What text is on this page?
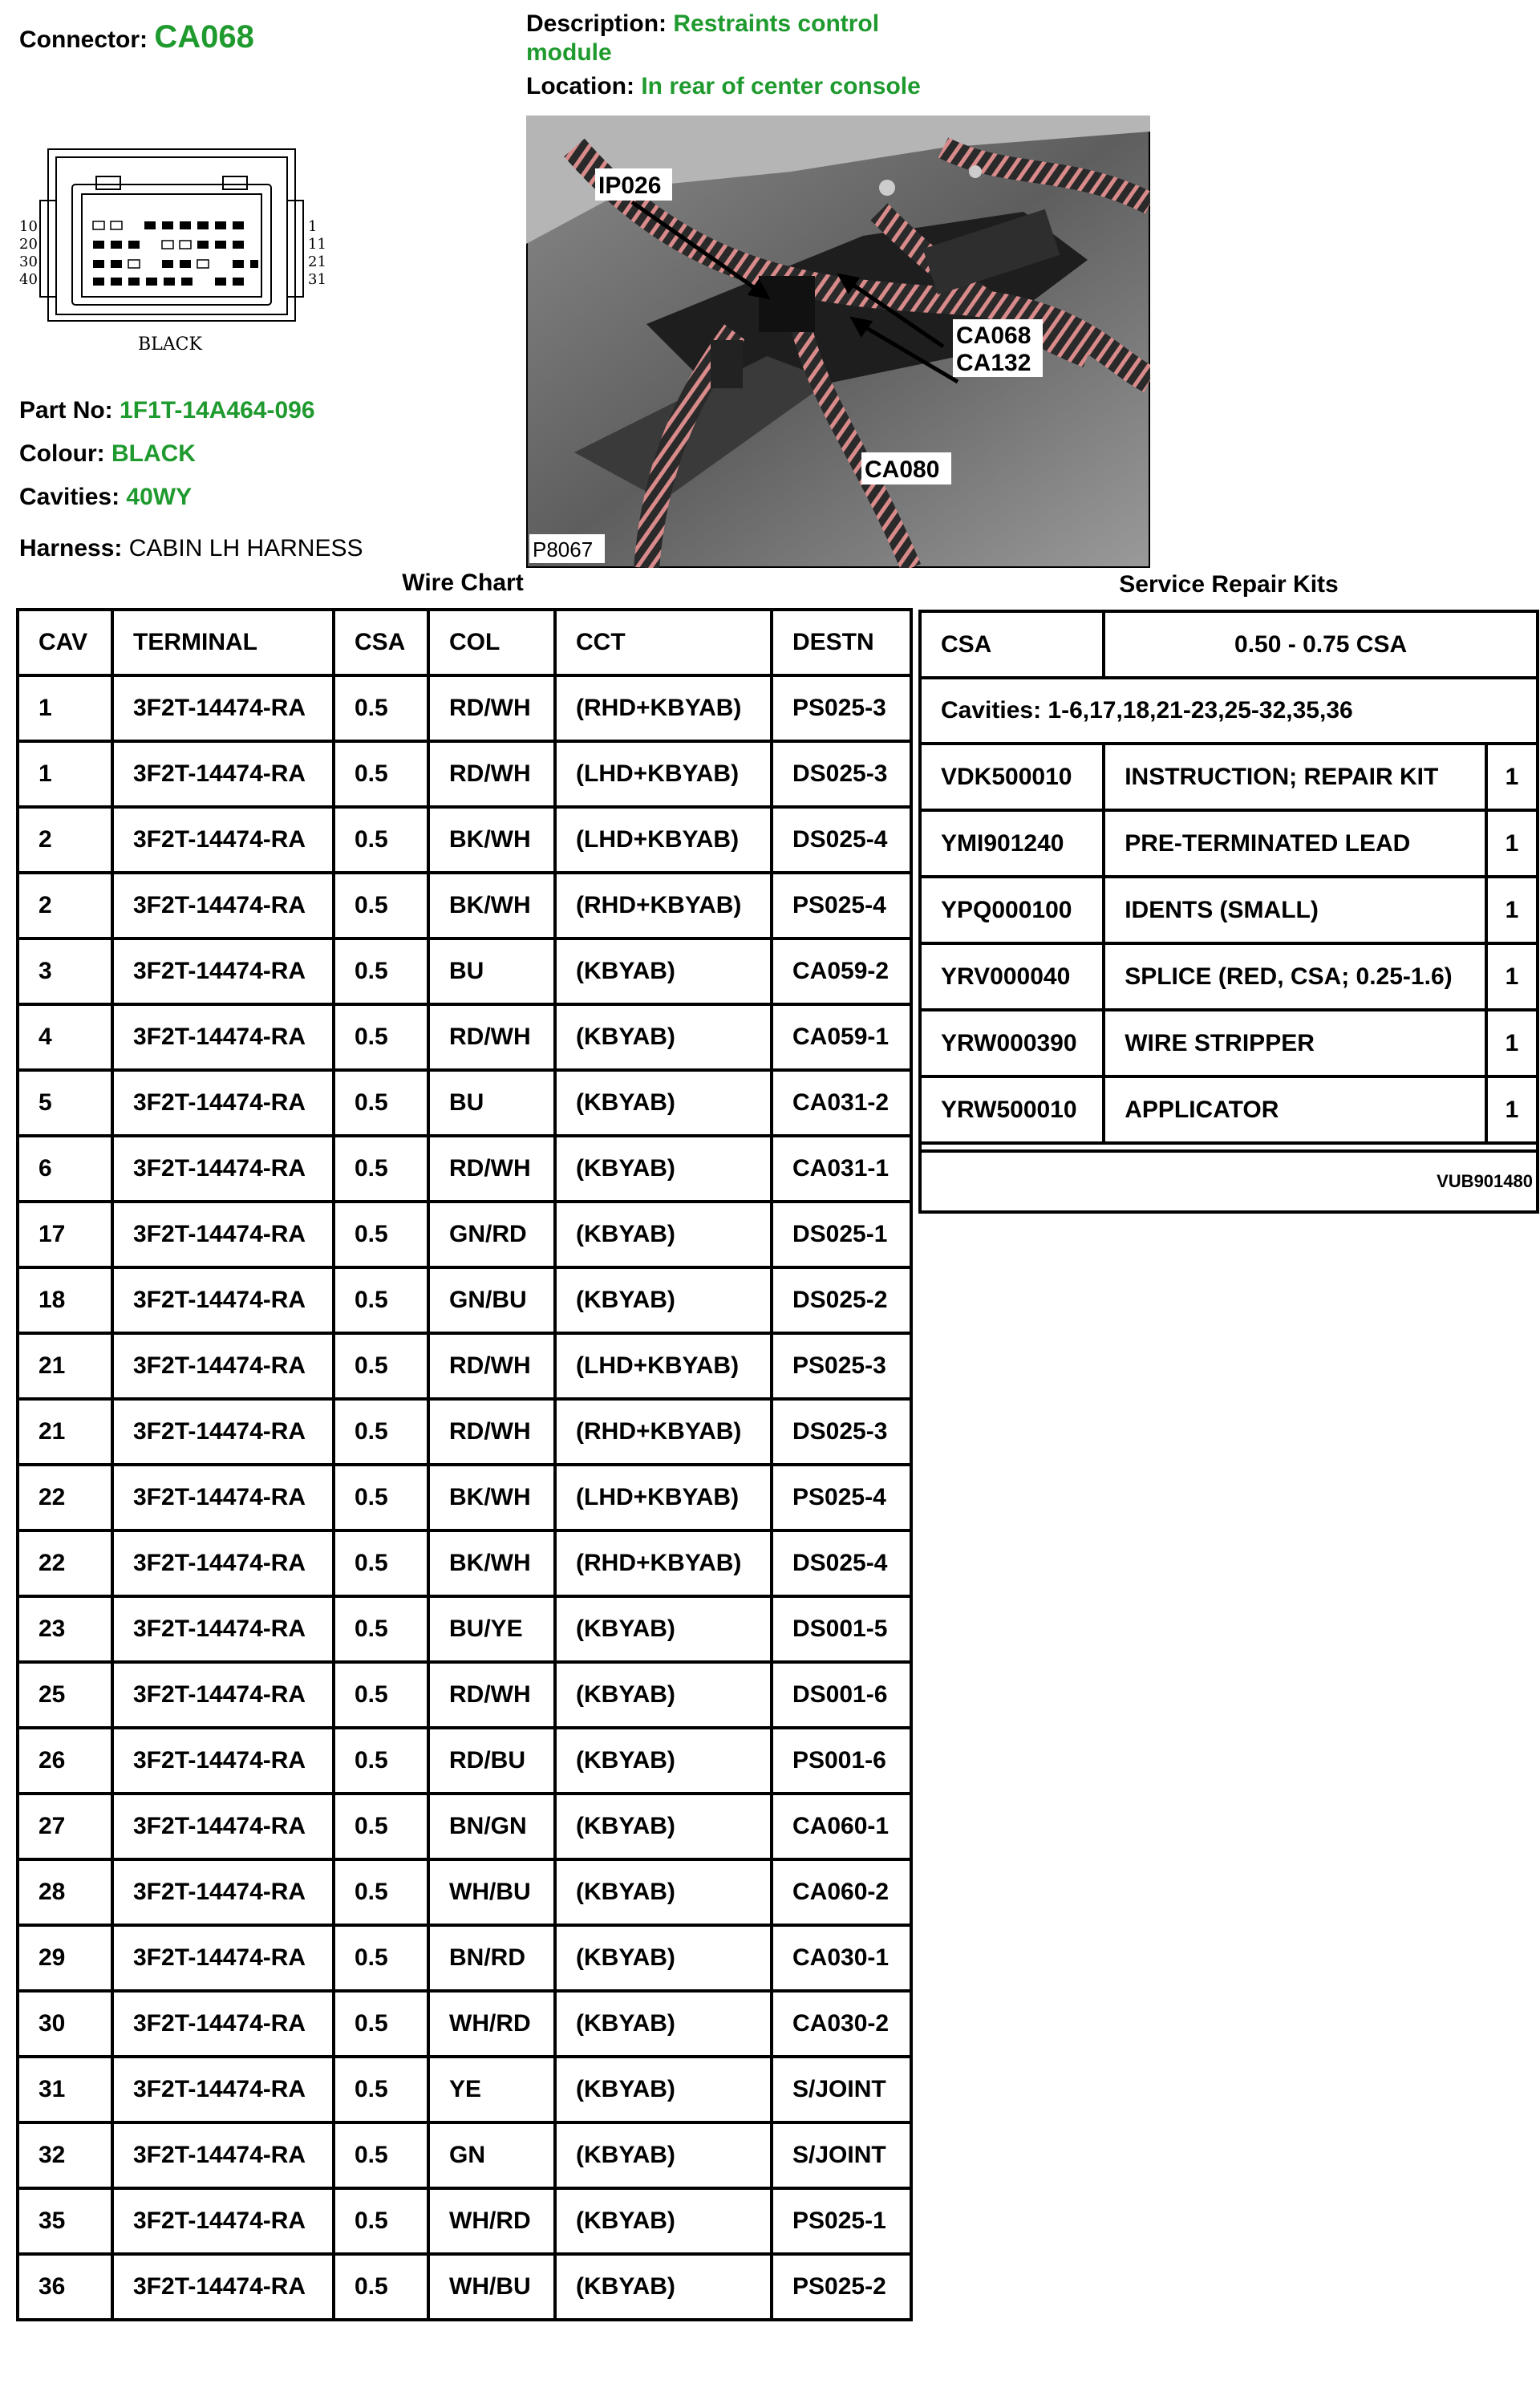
Connector: CA068	Description: Restraints control
module
Location: In rear of center console
10
20
30
40
1
11
21
31
BLACK
Part No: 1F1T-14A464-096
Colour: BLACK
Cavities: 40WY
Harness: CABIN LH HARNESS
IP026
CA068
CA132
CA080
P8067
Wire Chart
CAV	TERMINAL	CSA	COL	CCT	DESTN
1	3F2T-14474-RA	0.5	RD/WH	(RHD+KBYAB)	PS025-3
1	3F2T-14474-RA	0.5	RD/WH	(LHD+KBYAB)	DS025-3
2	3F2T-14474-RA	0.5	BK/WH	(LHD+KBYAB)	DS025-4
2	3F2T-14474-RA	0.5	BK/WH	(RHD+KBYAB)	PS025-4
3	3F2T-14474-RA	0.5	BU	(KBYAB)	CA059-2
4	3F2T-14474-RA	0.5	RD/WH	(KBYAB)	CA059-1
5	3F2T-14474-RA	0.5	BU	(KBYAB)	CA031-2
6	3F2T-14474-RA	0.5	RD/WH	(KBYAB)	CA031-1
17	3F2T-14474-RA	0.5	GN/RD	(KBYAB)	DS025-1
18	3F2T-14474-RA	0.5	GN/BU	(KBYAB)	DS025-2
21	3F2T-14474-RA	0.5	RD/WH	(LHD+KBYAB)	PS025-3
21	3F2T-14474-RA	0.5	RD/WH	(RHD+KBYAB)	DS025-3
22	3F2T-14474-RA	0.5	BK/WH	(LHD+KBYAB)	PS025-4
22	3F2T-14474-RA	0.5	BK/WH	(RHD+KBYAB)	DS025-4
23	3F2T-14474-RA	0.5	BU/YE	(KBYAB)	DS001-5
25	3F2T-14474-RA	0.5	RD/WH	(KBYAB)	DS001-6
26	3F2T-14474-RA	0.5	RD/BU	(KBYAB)	PS001-6
27	3F2T-14474-RA	0.5	BN/GN	(KBYAB)	CA060-1
28	3F2T-14474-RA	0.5	WH/BU	(KBYAB)	CA060-2
29	3F2T-14474-RA	0.5	BN/RD	(KBYAB)	CA030-1
30	3F2T-14474-RA	0.5	WH/RD	(KBYAB)	CA030-2
31	3F2T-14474-RA	0.5	YE	(KBYAB)	S/JOINT
32	3F2T-14474-RA	0.5	GN	(KBYAB)	S/JOINT
35	3F2T-14474-RA	0.5	WH/RD	(KBYAB)	PS025-1
36	3F2T-14474-RA	0.5	WH/BU	(KBYAB)	PS025-2
Service Repair Kits
CSA	0.50 - 0.75 CSA	
Cavities: 1-6,17,18,21-23,25-32,35,36		
VDK500010	INSTRUCTION; REPAIR KIT	1
YMI901240	PRE-TERMINATED LEAD	1
YPQ000100	IDENTS (SMALL)	1
YRV000040	SPLICE (RED, CSA; 0.25-1.6)	1
YRW000390	WIRE STRIPPER	1
YRW500010	APPLICATOR	1

VUB901480		
